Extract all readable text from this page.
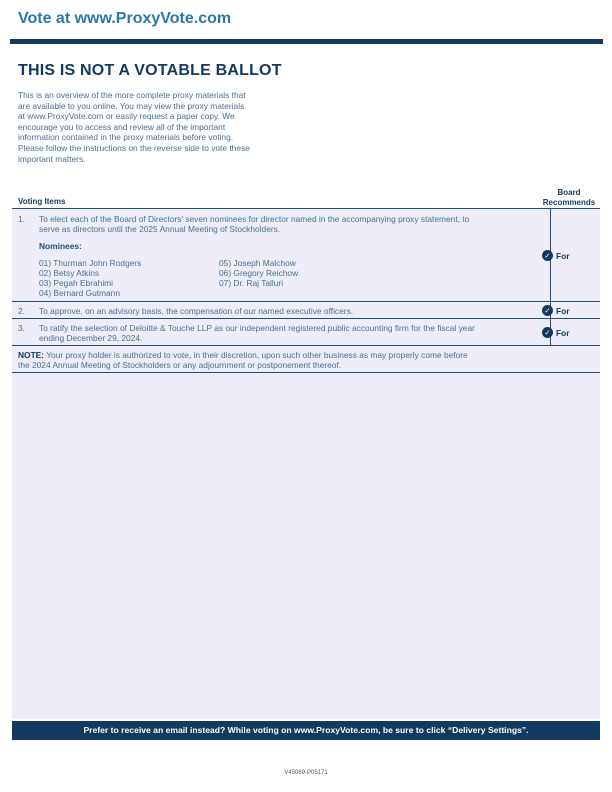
Vote at www.ProxyVote.com
THIS IS NOT A VOTABLE BALLOT
This is an overview of the more complete proxy materials that
are available to you online. You may view the proxy materials
at www.ProxyVote.com or easily request a paper copy. We
encourage you to access and review all of the important
information contained in the proxy materials before voting.
Please follow the instructions on the reverse side to vote these
important matters.
Voting Items
Board
Recommends
1. To elect each of the Board of Directors’ seven nominees for director named in the accompanying proxy statement, to
serve as directors until the 2025 Annual Meeting of Stockholders.
Nominees:
01) Thurman John Rodgers
02) Betsy Atkins
03) Pegah Ebrahimi
04) Bernard Gutmann
05) Joseph Malchow
06) Gregory Reichow
07) Dr. Raj Talluri
✓ For
2. To approve, on an advisory basis, the compensation of our named executive officers.	✓ For
3. To ratify the selection of Deloitte & Touche LLP as our independent registered public accounting firm for the fiscal year
ending December 29, 2024.
✓ For
NOTE: Your proxy holder is authorized to vote, in their discretion, upon such other business as may properly come before
the 2024 Annual Meeting of Stockholders or any adjournment or postponement thereof.
Prefer to receive an email instead? While voting on www.ProxyVote.com, be sure to click “Delivery Settings”.
V45069-P05171
